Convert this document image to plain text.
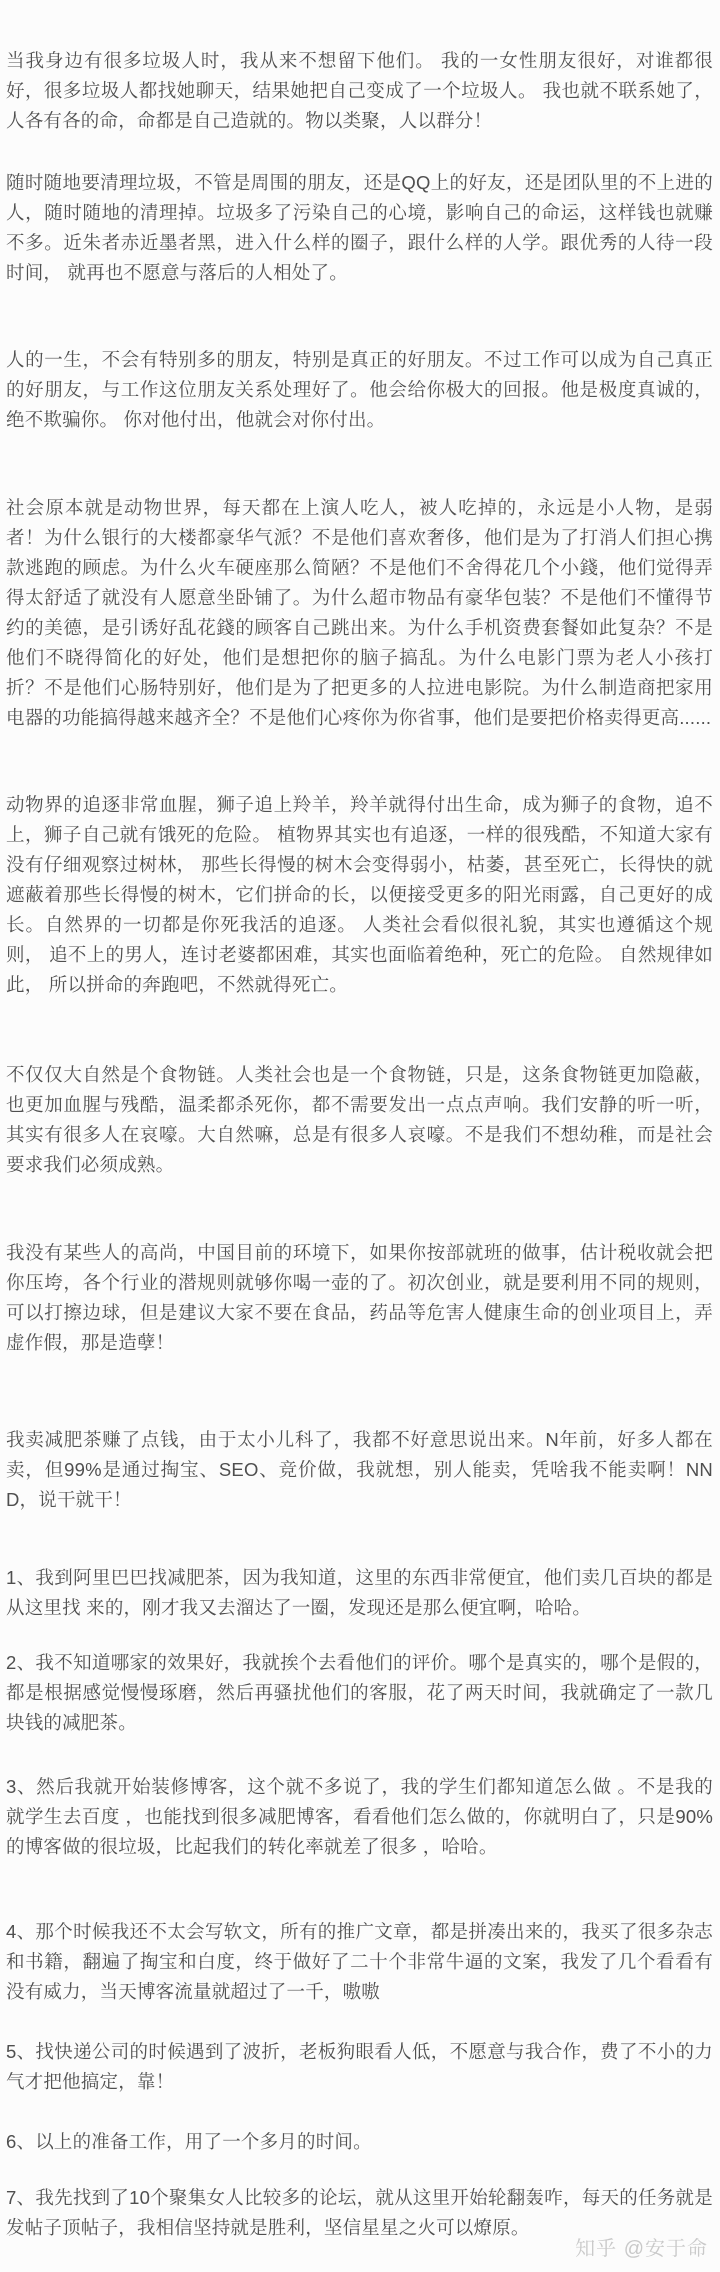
当我身边有很多垃圾人时，我从来不想留下他们。 我的一女性朋友很好，对谁都很好，很多垃圾人都找她聊天，结果她把自己变成了一个垃圾人。 我也就不联系她了，人各有各的命，命都是自己造就的。物以类聚，人以群分！

随时随地要清理垃圾，不管是周围的朋友，还是QQ上的好友，还是团队里的不上进的人，随时随地的清理掉。垃圾多了污染自己的心境，影响自己的命运，这样钱也就赚不多。近朱者赤近墨者黑，进入什么样的圈子，跟什么样的人学。跟优秀的人待一段时间， 就再也不愿意与落后的人相处了。

人的一生，不会有特别多的朋友，特别是真正的好朋友。不过工作可以成为自己真正的好朋友，与工作这位朋友关系处理好了。他会给你极大的回报。他是极度真诚的，绝不欺骗你。 你对他付出，他就会对你付出。

社会原本就是动物世界，每天都在上演人吃人，被人吃掉的，永远是小人物，是弱者！为什么银行的大楼都豪华气派？不是他们喜欢奢侈，他们是为了打消人们担心携款逃跑的顾虑。为什么火车硬座那么简陋？不是他们不舍得花几个小錢，他们觉得弄得太舒适了就没有人愿意坐卧铺了。为什么超市物品有豪华包装？不是他们不懂得节约的美德，是引诱好乱花錢的顾客自己跳出来。为什么手机资费套餐如此复杂？不是他们不晓得简化的好处，他们是想把你的脑子搞乱。为什么电影门票为老人小孩打折？不是他们心肠特别好，他们是为了把更多的人拉进电影院。为什么制造商把家用电器的功能搞得越来越齐全？不是他们心疼你为你省事，他们是要把价格卖得更高......

动物界的追逐非常血腥，狮子追上羚羊，羚羊就得付出生命，成为狮子的食物，追不上，狮子自己就有饿死的危险。 植物界其实也有追逐，一样的很残酷，不知道大家有没有仔细观察过树林， 那些长得慢的树木会变得弱小，枯萎，甚至死亡，长得快的就遮蔽着那些长得慢的树木，它们拼命的长，以便接受更多的阳光雨露，自己更好的成长。自然界的一切都是你死我活的追逐。 人类社会看似很礼貌，其实也遵循这个规则， 追不上的男人，连讨老婆都困难，其实也面临着绝种，死亡的危险。 自然规律如此， 所以拼命的奔跑吧，不然就得死亡。

不仅仅大自然是个食物链。人类社会也是一个食物链，只是，这条食物链更加隐蔽，也更加血腥与残酷，温柔都杀死你，都不需要发出一点点声响。我们安静的听一听，其实有很多人在哀嚎。大自然嘛，总是有很多人哀嚎。不是我们不想幼稚，而是社会要求我们必须成熟。

我没有某些人的高尚，中国目前的环境下，如果你按部就班的做事，估计税收就会把你压垮，各个行业的潜规则就够你喝一壶的了。初次创业，就是要利用不同的规则，可以打擦边球，但是建议大家不要在食品，药品等危害人健康生命的创业项目上，弄虚作假，那是造孽！

我卖减肥茶赚了点钱，由于太小儿科了，我都不好意思说出来。N年前，好多人都在卖，但99%是通过掏宝、SEO、竞价做，我就想，别人能卖，凭啥我不能卖啊！NND，说干就干！

1、我到阿里巴巴找减肥茶，因为我知道，这里的东西非常便宜，他们卖几百块的都是从这里找 来的，刚才我又去溜达了一圈，发现还是那么便宜啊，哈哈。

2、我不知道哪家的效果好，我就挨个去看他们的评价。哪个是真实的，哪个是假的，都是根据感觉慢慢琢磨，然后再骚扰他们的客服，花了两天时间，我就确定了一款几块钱的减肥茶。

3、然后我就开始装修博客，这个就不多说了，我的学生们都知道怎么做 。不是我的就学生去百度 ，也能找到很多减肥博客，看看他们怎么做的，你就明白了，只是90%的博客做的很垃圾，比起我们的转化率就差了很多 ，哈哈。

4、那个时候我还不太会写软文，所有的推广文章，都是拼凑出来的，我买了很多杂志和书籍，翻遍了掏宝和白度，终于做好了二十个非常牛逼的文案，我发了几个看看有没有威力，当天博客流量就超过了一千，嗷嗷

5、找快递公司的时候遇到了波折，老板狗眼看人低，不愿意与我合作，费了不小的力气才把他搞定，靠！

6、以上的准备工作，用了一个多月的时间。

7、我先找到了10个聚集女人比较多的论坛，就从这里开始轮翻轰咋，每天的任务就是发帖子顶帖子，我相信坚持就是胜利，坚信星星之火可以燎原。

知乎 @安于命
